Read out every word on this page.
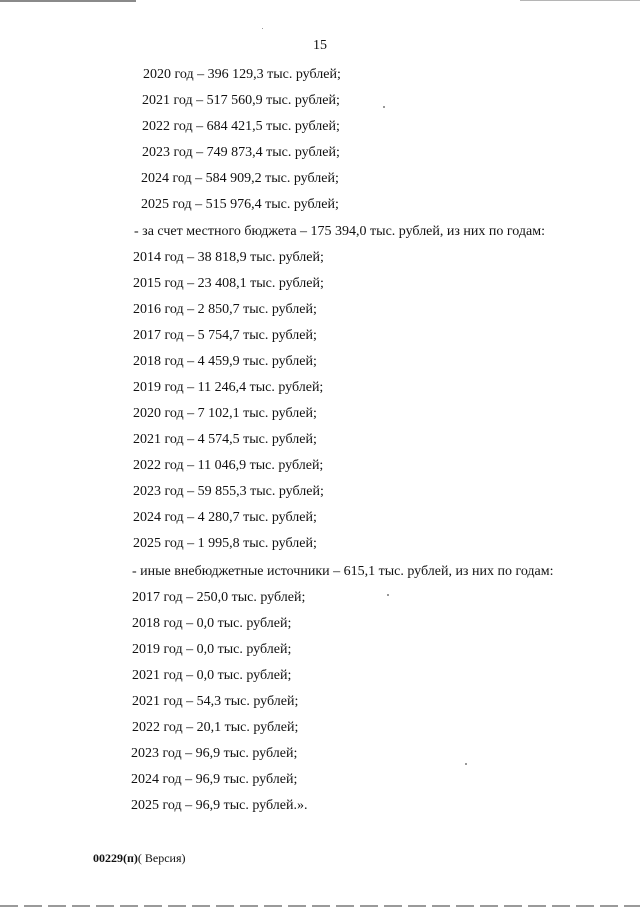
15
2020 год – 396 129,3 тыс. рублей;
2021 год – 517 560,9 тыс. рублей;
2022 год – 684 421,5 тыс. рублей;
2023 год – 749 873,4 тыс. рублей;
2024 год – 584 909,2 тыс. рублей;
2025 год – 515 976,4 тыс. рублей;
- за счет местного бюджета – 175 394,0 тыс. рублей, из них по годам:
2014 год – 38 818,9 тыс. рублей;
2015 год – 23 408,1 тыс. рублей;
2016 год – 2 850,7 тыс. рублей;
2017 год – 5 754,7 тыс. рублей;
2018 год – 4 459,9 тыс. рублей;
2019 год – 11 246,4 тыс. рублей;
2020 год – 7 102,1 тыс. рублей;
2021 год – 4 574,5 тыс. рублей;
2022 год – 11 046,9 тыс. рублей;
2023 год – 59 855,3 тыс. рублей;
2024 год – 4 280,7 тыс. рублей;
2025 год – 1 995,8 тыс. рублей;
- иные внебюджетные источники – 615,1 тыс. рублей, из них по годам:
2017 год – 250,0 тыс. рублей;
2018 год – 0,0 тыс. рублей;
2019 год – 0,0 тыс. рублей;
2021 год – 0,0 тыс. рублей;
2021 год – 54,3 тыс. рублей;
2022 год – 20,1 тыс. рублей;
2023 год – 96,9 тыс. рублей;
2024 год – 96,9 тыс. рублей;
2025 год – 96,9 тыс. рублей.».
00229(п)( Версия)
